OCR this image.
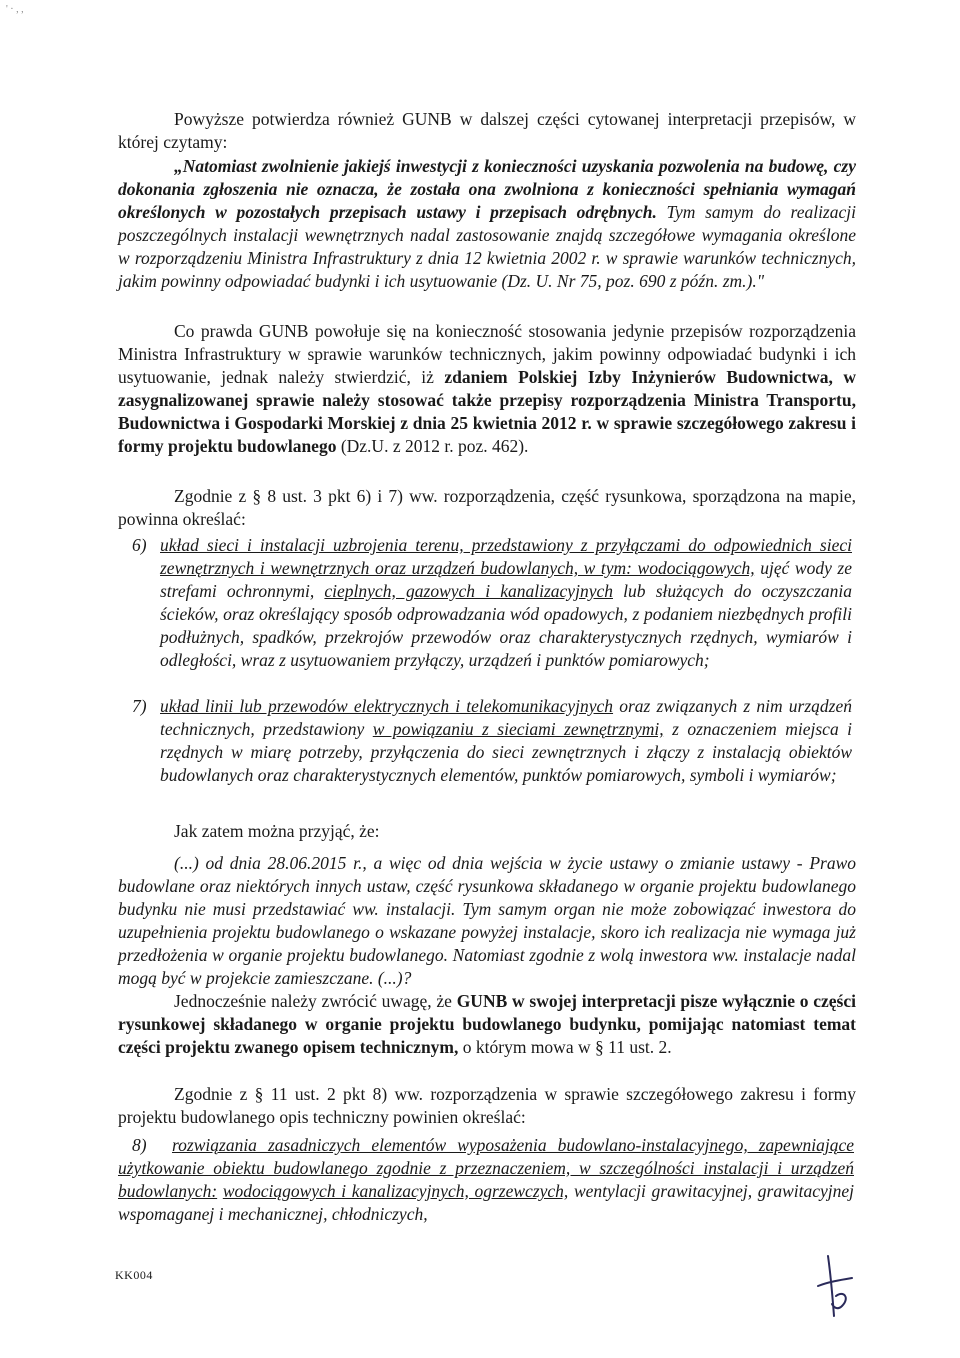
' · , ,

Powyższe potwierdza również GUNB w dalszej części cytowanej interpretacji przepisów, w której czytamy:

„Natomiast zwolnienie jakiejś inwestycji z konieczności uzyskania pozwolenia na budowę, czy dokonania zgłoszenia nie oznacza, że została ona zwolniona z konieczności spełniania wymagań określonych w pozostałych przepisach ustawy i przepisach odrębnych. Tym samym do realizacji poszczególnych instalacji wewnętrznych nadal zastosowanie znajdą szczegółowe wymagania określone w rozporządzeniu Ministra Infrastruktury z dnia 12 kwietnia 2002 r. w sprawie warunków technicznych, jakim powinny odpowiadać budynki i ich usytuowanie (Dz. U. Nr 75, poz. 690 z późn. zm.)."

Co prawda GUNB powołuje się na konieczność stosowania jedynie przepisów rozporządzenia Ministra Infrastruktury w sprawie warunków technicznych, jakim powinny odpowiadać budynki i ich usytuowanie, jednak należy stwierdzić, iż zdaniem Polskiej Izby Inżynierów Budownictwa, w zasygnalizowanej sprawie należy stosować także przepisy rozporządzenia Ministra Transportu, Budownictwa i Gospodarki Morskiej z dnia 25 kwietnia 2012 r. w sprawie szczegółowego zakresu i formy projektu budowlanego (Dz.U. z 2012 r. poz. 462).

Zgodnie z § 8 ust. 3 pkt 6) i 7) ww. rozporządzenia, część rysunkowa, sporządzona na mapie, powinna określać:

6) układ sieci i instalacji uzbrojenia terenu, przedstawiony z przyłączami do odpowiednich sieci zewnętrznych i wewnętrznych oraz urządzeń budowlanych, w tym: wodociągowych, ujęć wody ze strefami ochronnymi, cieplnych, gazowych i kanalizacyjnych lub służących do oczyszczania ścieków, oraz określający sposób odprowadzania wód opadowych, z podaniem niezbędnych profili podłużnych, spadków, przekrojów przewodów oraz charakterystycznych rzędnych, wymiarów i odległości, wraz z usytuowaniem przyłączy, urządzeń i punktów pomiarowych;
7) układ linii lub przewodów elektrycznych i telekomunikacyjnych oraz związanych z nim urządzeń technicznych, przedstawiony w powiązaniu z sieciami zewnętrznymi, z oznaczeniem miejsca i rzędnych w miarę potrzeby, przyłączenia do sieci zewnętrznych i złączy z instalacją obiektów budowlanych oraz charakterystycznych elementów, punktów pomiarowych, symboli i wymiarów;

Jak zatem można przyjąć, że:

(...) od dnia 28.06.2015 r., a więc od dnia wejścia w życie ustawy o zmianie ustawy - Prawo budowlane oraz niektórych innych ustaw, część rysunkowa składanego w organie projektu budowlanego budynku nie musi przedstawiać ww. instalacji. Tym samym organ nie może zobowiązać inwestora do uzupełnienia projektu budowlanego o wskazane powyżej instalacje, skoro ich realizacja nie wymaga już przedłożenia w organie projektu budowlanego. Natomiast zgodnie z wolą inwestora ww. instalacje nadal mogą być w projekcie zamieszczane. (...)?

Jednocześnie należy zwrócić uwagę, że GUNB w swojej interpretacji pisze wyłącznie o części rysunkowej składanego w organie projektu budowlanego budynku, pomijając natomiast temat części projektu zwanego opisem technicznym, o którym mowa w § 11 ust. 2.

Zgodnie z § 11 ust. 2 pkt 8) ww. rozporządzenia w sprawie szczegółowego zakresu i formy projektu budowlanego opis techniczny powinien określać:

8)	rozwiązania zasadniczych elementów wyposażenia budowlano-instalacyjnego, zapewniające użytkowanie obiektu budowlanego zgodnie z przeznaczeniem, w szczególności instalacji i urządzeń budowlanych: wodociągowych i kanalizacyjnych, ogrzewczych, wentylacji grawitacyjnej, grawitacyjnej wspomaganej i mechanicznej, chłodniczych,
KK004
